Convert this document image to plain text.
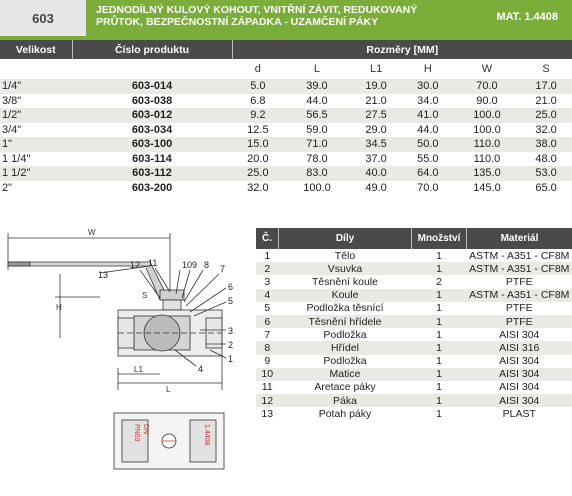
603
JEDNODÍLNÝ KULOVÝ KOHOUT, VNITŘNÍ ZÁVIT, REDUKOVANÝ
PRŮTOK, BEZPEČNOSTNÍ ZÁPADKA - UZAMČENÍ PÁKY	MAT. 1.4408
Velikost	Číslo produktu	Rozměry [MM]					
		d	L	L1	H	W	S
1/4"	603-014	5.0	39.0	19.0	30.0	70.0	17.0
3/8"	603-038	6.8	44.0	21.0	34.0	90.0	21.0
1/2"	603-012	9.2	56.5	27.5	41.0	100.0	25.0
3/4"	603-034	12.5	59.0	29.0	44.0	100.0	32.0
1"	603-100	15.0	71.0	34.5	50.0	110.0	38.0
1 1/4"	603-114	20.0	78.0	37.0	55.0	110.0	48.0
1 1/2"	603-112	25.0	83.0	40.0	64.0	135.0	53.0
2"	603-200	32.0	100.0	49.0	70.0	145.0	65.0
W
H
L1
L
S
13
12 11	10 9 8 7
6
5
3
2
1
4
DN
PN63	1.4408
Č.	Díly	Množství	Materiál
1	Tělo	1	ASTM - A351 - CF8M
2	Vsuvka	1	ASTM - A351 - CF8M
3	Těsnění koule	2	PTFE
4	Koule	1	ASTM - A351 - CF8M
5	Podložka těsnící	1	PTFE
6	Těsnění hřídele	1	PTFE
7	Podložka	1	AISI 304
8	Hřídel	1	AISI 316
9	Podložka	1	AISI 304
10	Matice	1	AISI 304
11	Aretace páky	1	AISI 304
12	Páka	1	AISI 304
13	Potah páky	1	PLAST
